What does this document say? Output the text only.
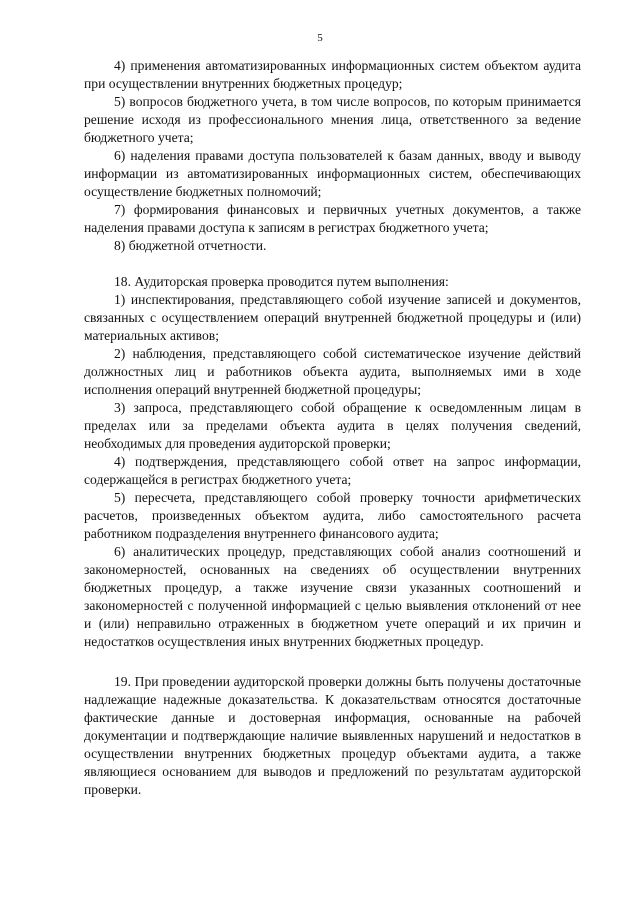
5

4) применения автоматизированных информационных систем объектом аудита при осуществлении внутренних бюджетных процедур;

5) вопросов бюджетного учета, в том числе вопросов, по которым принимается решение исходя из профессионального мнения лица, ответственного за ведение бюджетного учета;

6) наделения правами доступа пользователей к базам данных, вводу и выводу информации из автоматизированных информационных систем, обеспечивающих осуществление бюджетных полномочий;

7) формирования финансовых и первичных учетных документов, а также наделения правами доступа к записям в регистрах бюджетного учета;

8) бюджетной отчетности.

18. Аудиторская проверка проводится путем выполнения:

1) инспектирования, представляющего собой изучение записей и документов, связанных с осуществлением операций внутренней бюджетной процедуры и (или) материальных активов;

2) наблюдения, представляющего собой систематическое изучение действий должностных лиц и работников объекта аудита, выполняемых ими в ходе исполнения операций внутренней бюджетной процедуры;

3) запроса, представляющего собой обращение к осведомленным лицам в пределах или за пределами объекта аудита в целях получения сведений, необходимых для проведения аудиторской проверки;

4) подтверждения, представляющего собой ответ на запрос информации, содержащейся в регистрах бюджетного учета;

5) пересчета, представляющего собой проверку точности арифметических расчетов, произведенных объектом аудита, либо самостоятельного расчета работником подразделения внутреннего финансового аудита;

6) аналитических процедур, представляющих собой анализ соотношений и закономерностей, основанных на сведениях об осуществлении внутренних бюджетных процедур, а также изучение связи указанных соотношений и закономерностей с полученной информацией с целью выявления отклонений от нее и (или) неправильно отраженных в бюджетном учете операций и их причин и недостатков осуществления иных внутренних бюджетных процедур.

19. При проведении аудиторской проверки должны быть получены достаточные надлежащие надежные доказательства. К доказательствам относятся достаточные фактические данные и достоверная информация, основанные на рабочей документации и подтверждающие наличие выявленных нарушений и недостатков в осуществлении внутренних бюджетных процедур объектами аудита, а также являющиеся основанием для выводов и предложений по результатам аудиторской проверки.
